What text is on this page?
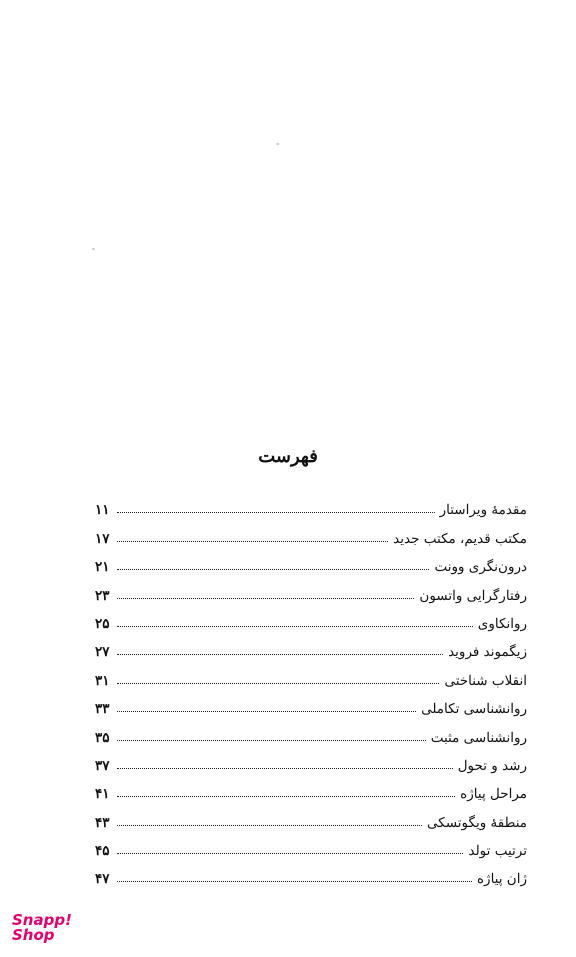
فهرست
مقدمهٔ ویراستار
۱۱
مکتب قدیم، مکتب جدید
۱۷
درون‌نگری وونت
۲۱
رفتارگرایی واتسون
۲۳
روانکاوی
۲۵
زیگموند فروید
۲۷
انقلاب شناختی
۳۱
روانشناسی تکاملی
۳۳
روانشناسی مثبت
۳۵
رشد و تحول
۳۷
مراحل پیاژه
۴۱
منطقهٔ ویگوتسکی
۴۳
ترتیب تولد
۴۵
ژان پیاژه
۴۷
Snapp!
Shop
